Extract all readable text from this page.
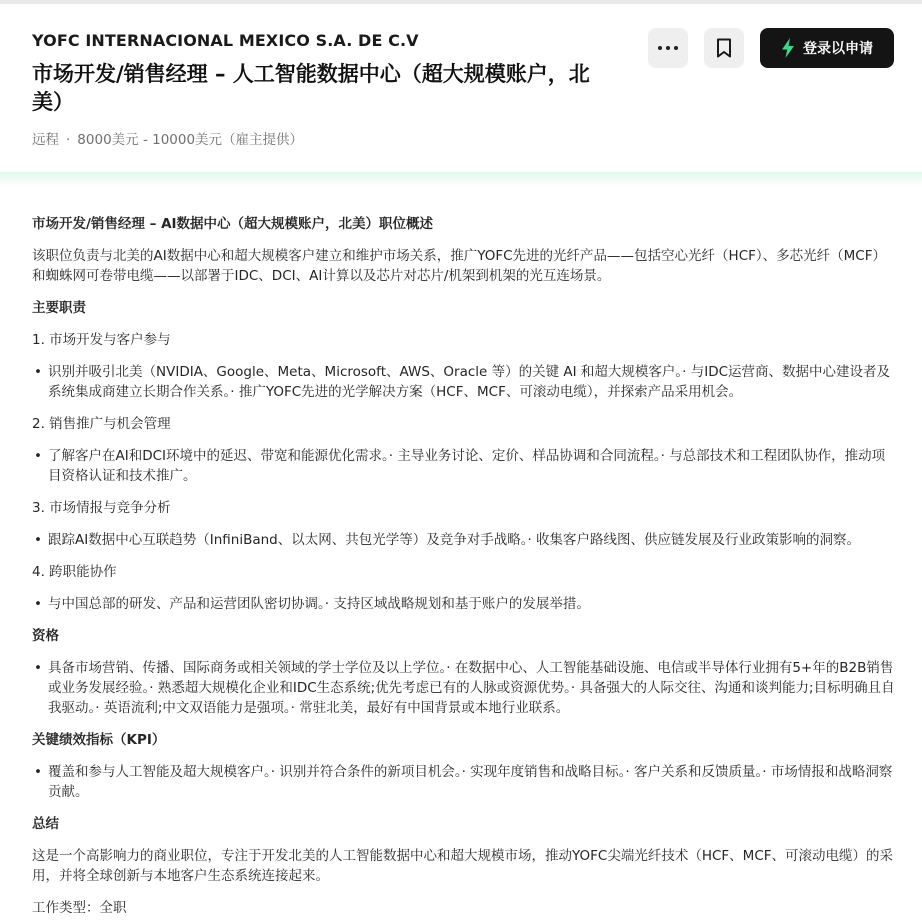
YOFC INTERNACIONAL MEXICO S.A. DE C.V
市场开发/销售经理 – 人工智能数据中心（超大规模账户，北美）
远程 · 8000美元 - 10000美元（雇主提供）
登录以申请
市场开发/销售经理 – AI数据中心（超大规模账户，北美）职位概述

该职位负责与北美的AI数据中心和超大规模客户建立和维护市场关系，推广YOFC先进的光纤产品——包括空心光纤（HCF）、多芯光纤（MCF）和蜘蛛网可卷带电缆——以部署于IDC、DCI、AI计算以及芯片对芯片/机架到机架的光互连场景。

主要职责

1. 市场开发与客户参与

• 识别并吸引北美（NVIDIA、Google、Meta、Microsoft、AWS、Oracle 等）的关键 AI 和超大规模客户。· 与IDC运营商、数据中心建设者及系统集成商建立长期合作关系。· 推广YOFC先进的光学解决方案（HCF、MCF、可滚动电缆），并探索产品采用机会。

2. 销售推广与机会管理

• 了解客户在AI和DCI环境中的延迟、带宽和能源优化需求。· 主导业务讨论、定价、样品协调和合同流程。· 与总部技术和工程团队协作，推动项目资格认证和技术推广。

3. 市场情报与竞争分析

• 跟踪AI数据中心互联趋势（InfiniBand、以太网、共包光学等）及竞争对手战略。· 收集客户路线图、供应链发展及行业政策影响的洞察。

4. 跨职能协作

• 与中国总部的研发、产品和运营团队密切协调。· 支持区域战略规划和基于账户的发展举措。
资格
• 具备市场营销、传播、国际商务或相关领域的学士学位及以上学位。· 在数据中心、人工智能基础设施、电信或半导体行业拥有5+年的B2B销售或业务发展经验。· 熟悉超大规模化企业和IDC生态系统;优先考虑已有的人脉或资源优势。· 具备强大的人际交往、沟通和谈判能力;目标明确且自我驱动。· 英语流利;中文双语能力是强项。· 常驻北美，最好有中国背景或本地行业联系。
关键绩效指标（KPI）
• 覆盖和参与人工智能及超大规模客户。· 识别并符合条件的新项目机会。· 实现年度销售和战略目标。· 客户关系和反馈质量。· 市场情报和战略洞察贡献。
总结

这是一个高影响力的商业职位，专注于开发北美的人工智能数据中心和超大规模市场，推动YOFC尖端光纤技术（HCF、MCF、可滚动电缆）的采用，并将全球创新与本地客户生态系统连接起来。

工作类型：全职
